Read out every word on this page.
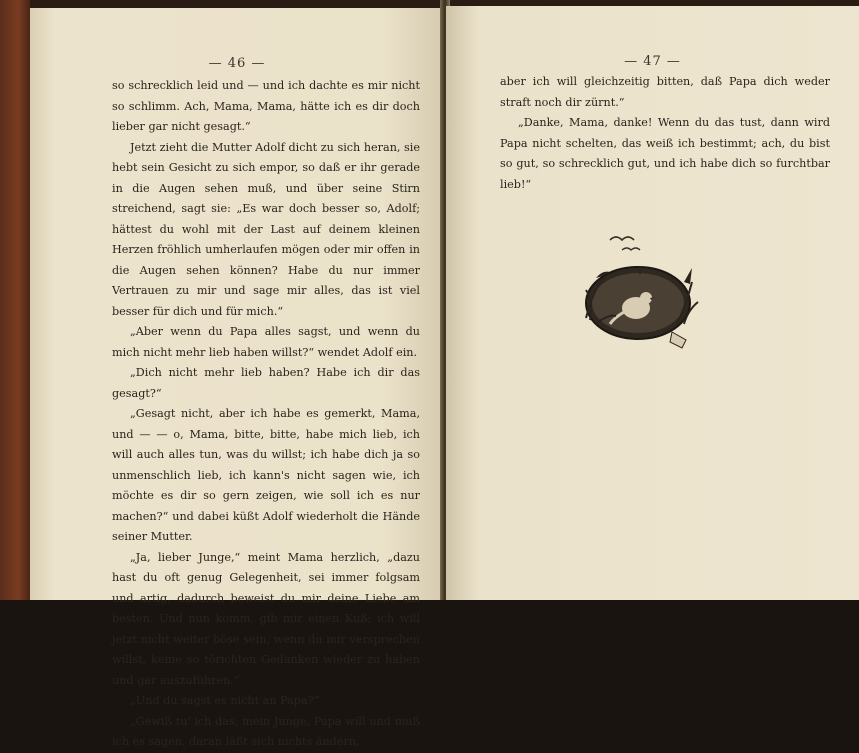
— 46 —

so schrecklich leid und — und ich dachte es mir nicht so schlimm. Ach, Mama, Mama, hätte ich es dir doch lieber gar nicht gesagt.“

Jetzt zieht die Mutter Adolf dicht zu sich heran, sie hebt sein Gesicht zu sich empor, so daß er ihr gerade in die Augen sehen muß, und über seine Stirn streichend, sagt sie: „Es war doch besser so, Adolf; hättest du wohl mit der Last auf deinem kleinen Herzen fröhlich umherlaufen mögen oder mir offen in die Augen sehen können? Habe du nur immer Vertrauen zu mir und sage mir alles, das ist viel besser für dich und für mich.“

„Aber wenn du Papa alles sagst, und wenn du mich nicht mehr lieb haben willst?“ wendet Adolf ein.

„Dich nicht mehr lieb haben? Habe ich dir das gesagt?“

„Gesagt nicht, aber ich habe es gemerkt, Mama, und — — o, Mama, bitte, bitte, habe mich lieb, ich will auch alles tun, was du willst; ich habe dich ja so unmenschlich lieb, ich kann's nicht sagen wie, ich möchte es dir so gern zeigen, wie soll ich es nur machen?“ und dabei küßt Adolf wiederholt die Hände seiner Mutter.

„Ja, lieber Junge,“ meint Mama herzlich, „dazu hast du oft genug Gelegenheit, sei immer folgsam und artig, dadurch beweist du mir deine Liebe am besten. Und nun komm, gib mir einen Kuß; ich will jetzt nicht weiter böse sein, wenn du mir versprechen willst, keine so törichten Gedanken wieder zu haben und gar auszuführen.“

„Und du sagst es nicht an Papa?“

„Gewiß tu' ich das, mein Junge, Papa will und muß ich es sagen, daran läßt sich nichts ändern,

— 47 —

aber ich will gleichzeitig bitten, daß Papa dich weder straft noch dir zürnt.“

„Danke, Mama, danke! Wenn du das tust, dann wird Papa nicht schelten, das weiß ich bestimmt; ach, du bist so gut, so schrecklich gut, und ich habe dich so furchtbar lieb!“
